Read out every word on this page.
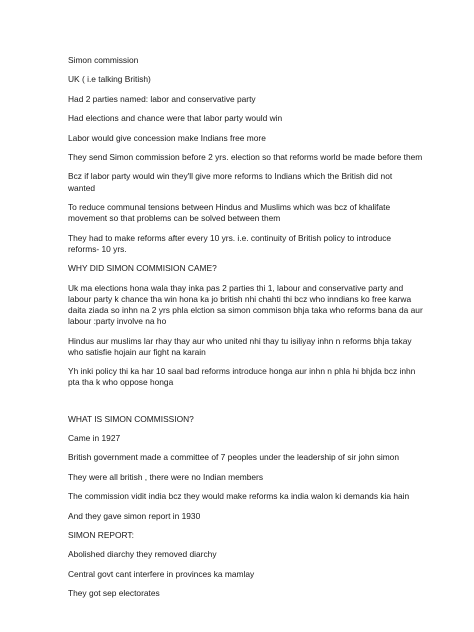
Simon commission

UK ( i.e talking British)

Had 2 parties named: labor and conservative party

Had elections and chance were that labor party would win

Labor would give concession make Indians free more

They send Simon commission before 2 yrs. election so that reforms world be made before them

Bcz if labor party would win they'll give more reforms to Indians which the British did not
wanted

To reduce communal tensions between Hindus and Muslims which was bcz of khalifate
movement so that problems can be solved between them

They had to make reforms after every 10 yrs. i.e. continuity of British policy to introduce
reforms- 10 yrs.

WHY DID SIMON COMMISION CAME?

Uk ma elections hona wala thay inka pas 2 parties thi 1, labour and conservative party and
labour party k chance tha win hona ka jo british nhi chahti thi bcz who inndians ko free karwa
daita ziada so inhn na 2 yrs phla elction sa simon commison bhja taka who reforms bana da aur
labour :party involve na ho

Hindus aur muslims lar rhay thay aur who united nhi thay tu isiliyay inhn n reforms bhja takay
who satisfie hojain aur fight na karain

Yh inki policy thi ka har 10 saal bad reforms introduce honga aur inhn n phla hi bhjda bcz inhn
pta tha k who oppose honga

WHAT IS SIMON COMMISSION?

Came in 1927

British government made a committee of 7 peoples under the leadership of sir john simon

They were all british , there were no Indian members

The commission vidit india bcz they would make reforms ka india walon ki demands kia hain

And they gave simon report in 1930

SIMON REPORT:

Abolished diarchy they removed diarchy

Central govt cant interfere in provinces ka mamlay

They got sep electorates
